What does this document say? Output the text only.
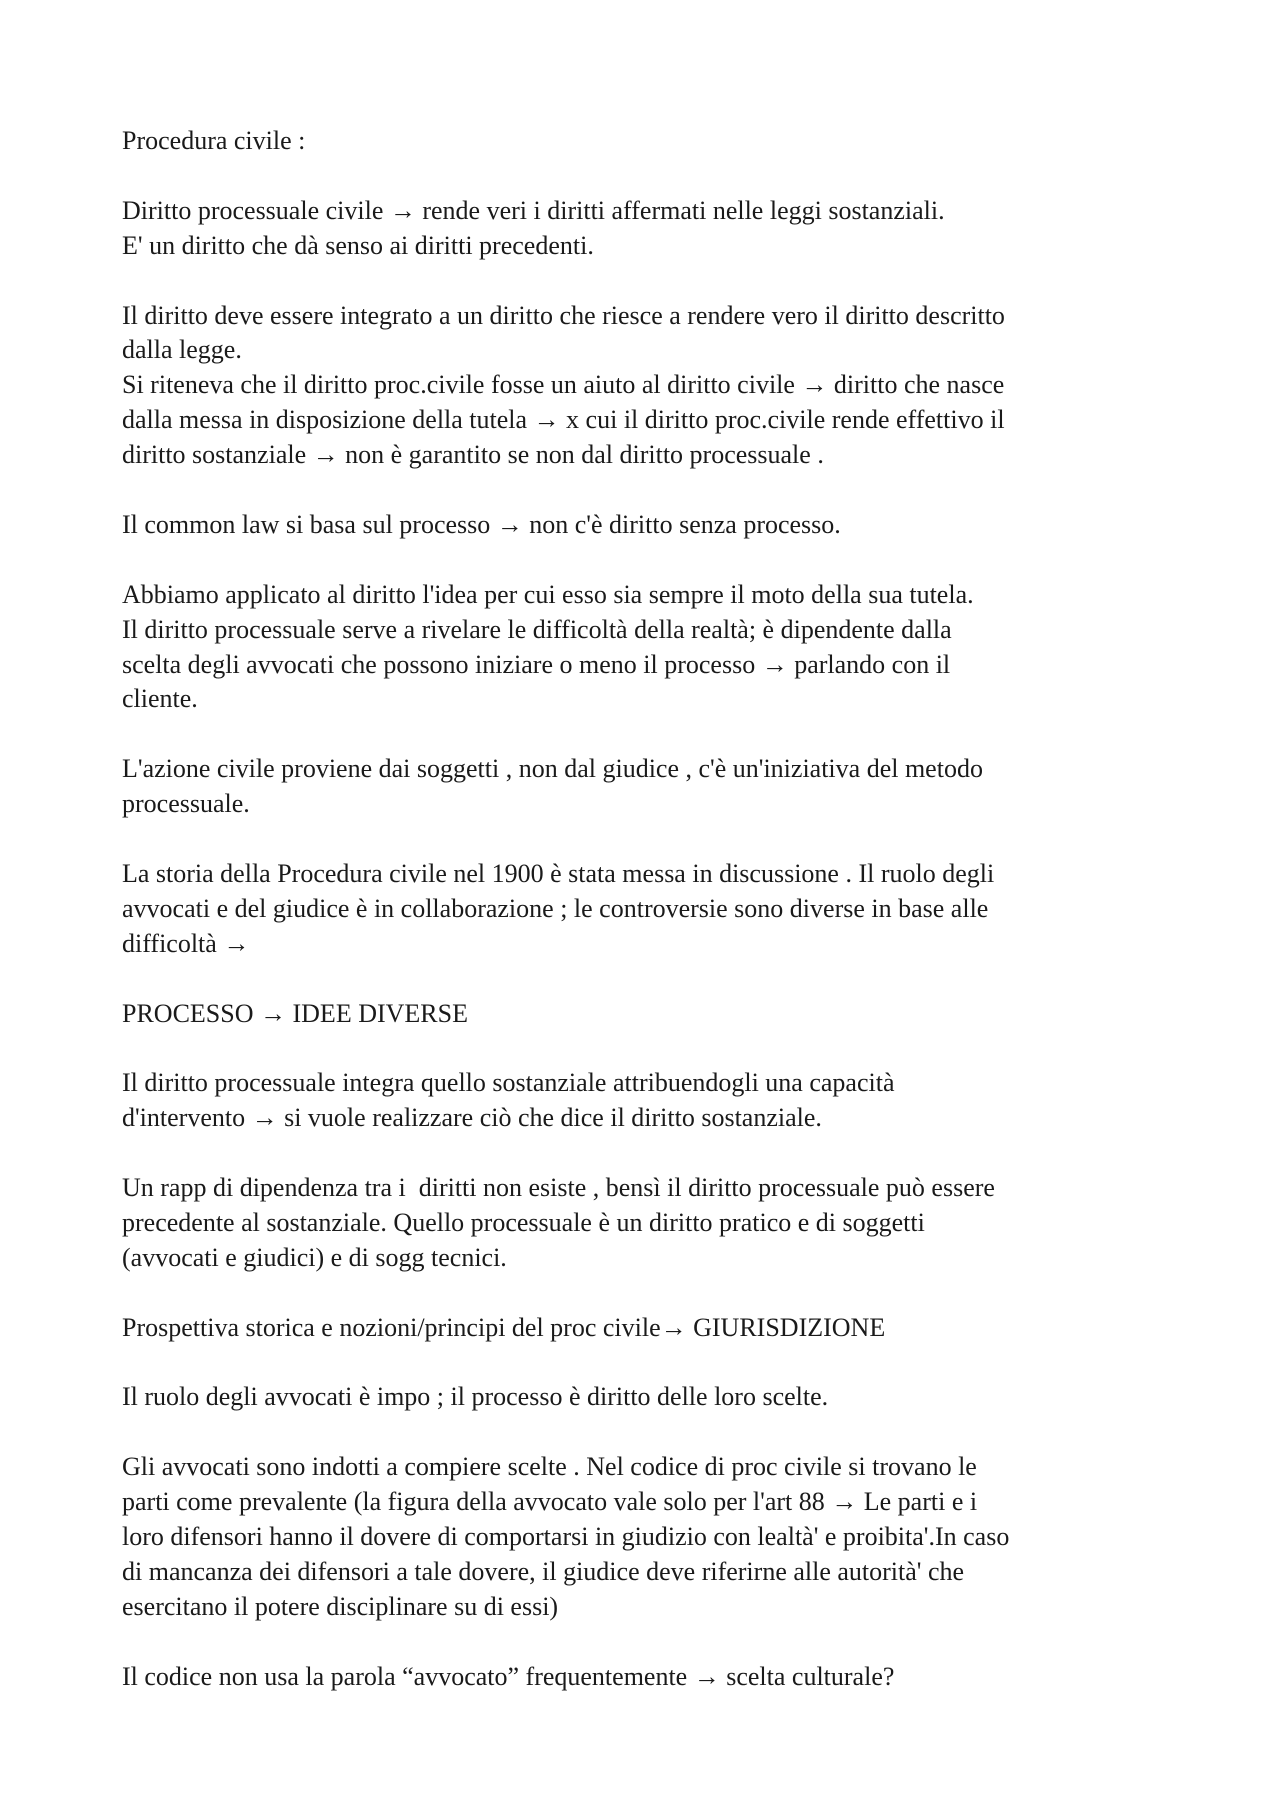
Procedura civile :

Diritto processuale civile → rende veri i diritti affermati nelle leggi sostanziali.
E' un diritto che dà senso ai diritti precedenti.

Il diritto deve essere integrato a un diritto che riesce a rendere vero il diritto descritto
dalla legge.
Si riteneva che il diritto proc.civile fosse un aiuto al diritto civile → diritto che nasce
dalla messa in disposizione della tutela → x cui il diritto proc.civile rende effettivo il
diritto sostanziale → non è garantito se non dal diritto processuale .

Il common law si basa sul processo → non c'è diritto senza processo.

Abbiamo applicato al diritto l'idea per cui esso sia sempre il moto della sua tutela.
Il diritto processuale serve a rivelare le difficoltà della realtà; è dipendente dalla
scelta degli avvocati che possono iniziare o meno il processo → parlando con il
cliente.

L'azione civile proviene dai soggetti , non dal giudice , c'è un'iniziativa del metodo
processuale.

La storia della Procedura civile nel 1900 è stata messa in discussione . Il ruolo degli
avvocati e del giudice è in collaborazione ; le controversie sono diverse in base alle
difficoltà →

PROCESSO → IDEE DIVERSE

Il diritto processuale integra quello sostanziale attribuendogli una capacità
d'intervento → si vuole realizzare ciò che dice il diritto sostanziale.

Un rapp di dipendenza tra i  diritti non esiste , bensì il diritto processuale può essere
precedente al sostanziale. Quello processuale è un diritto pratico e di soggetti
(avvocati e giudici) e di sogg tecnici.

Prospettiva storica e nozioni/principi del proc civile→ GIURISDIZIONE

Il ruolo degli avvocati è impo ; il processo è diritto delle loro scelte.

Gli avvocati sono indotti a compiere scelte . Nel codice di proc civile si trovano le
parti come prevalente (la figura della avvocato vale solo per l'art 88 → Le parti e i
loro difensori hanno il dovere di comportarsi in giudizio con lealtà' e proibita'.In caso
di mancanza dei difensori a tale dovere, il giudice deve riferirne alle autorità' che
esercitano il potere disciplinare su di essi)

Il codice non usa la parola “avvocato” frequentemente → scelta culturale?
